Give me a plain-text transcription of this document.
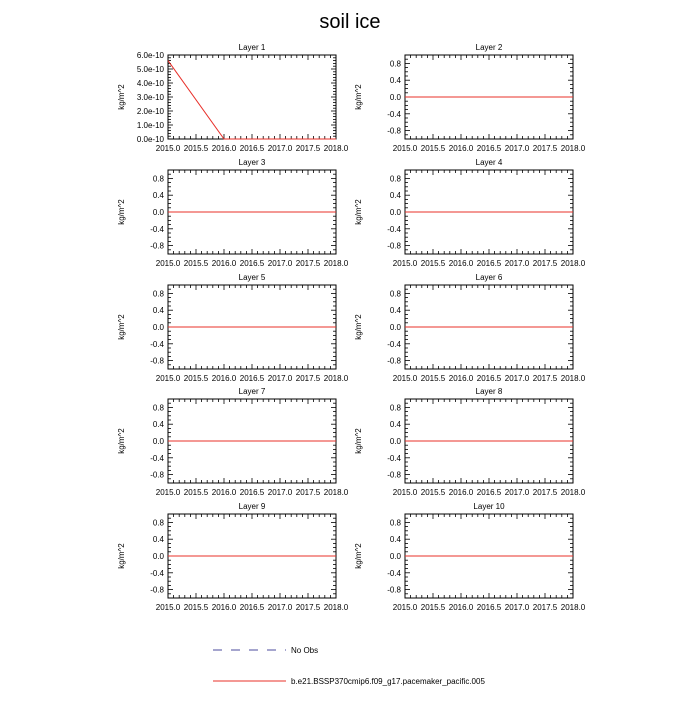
soil ice
Layer 1
kg/m^2
2015.0 2015.5 2016.0 2016.5 2017.0 2017.5 2018.0
0.0e-10
1.0e-10
2.0e-10
3.0e-10
4.0e-10
5.0e-10
6.0e-10
Layer 2
kg/m^2
2015.0 2015.5 2016.0 2016.5 2017.0 2017.5 2018.0
-0.8
-0.4
0.0
0.4
0.8
Layer 3
kg/m^2
2015.0 2015.5 2016.0 2016.5 2017.0 2017.5 2018.0
-0.8
-0.4
0.0
0.4
0.8
Layer 4
kg/m^2
2015.0 2015.5 2016.0 2016.5 2017.0 2017.5 2018.0
-0.8
-0.4
0.0
0.4
0.8
Layer 5
kg/m^2
2015.0 2015.5 2016.0 2016.5 2017.0 2017.5 2018.0
-0.8
-0.4
0.0
0.4
0.8
Layer 6
kg/m^2
2015.0 2015.5 2016.0 2016.5 2017.0 2017.5 2018.0
-0.8
-0.4
0.0
0.4
0.8
Layer 7
kg/m^2
2015.0 2015.5 2016.0 2016.5 2017.0 2017.5 2018.0
-0.8
-0.4
0.0
0.4
0.8
Layer 8
kg/m^2
2015.0 2015.5 2016.0 2016.5 2017.0 2017.5 2018.0
-0.8
-0.4
0.0
0.4
0.8
Layer 9
kg/m^2
2015.0 2015.5 2016.0 2016.5 2017.0 2017.5 2018.0
-0.8
-0.4
0.0
0.4
0.8
Layer 10
kg/m^2
2015.0 2015.5 2016.0 2016.5 2017.0 2017.5 2018.0
-0.8
-0.4
0.0
0.4
0.8
No Obs
b.e21.BSSP370cmip6.f09_g17.pacemaker_pacific.005
